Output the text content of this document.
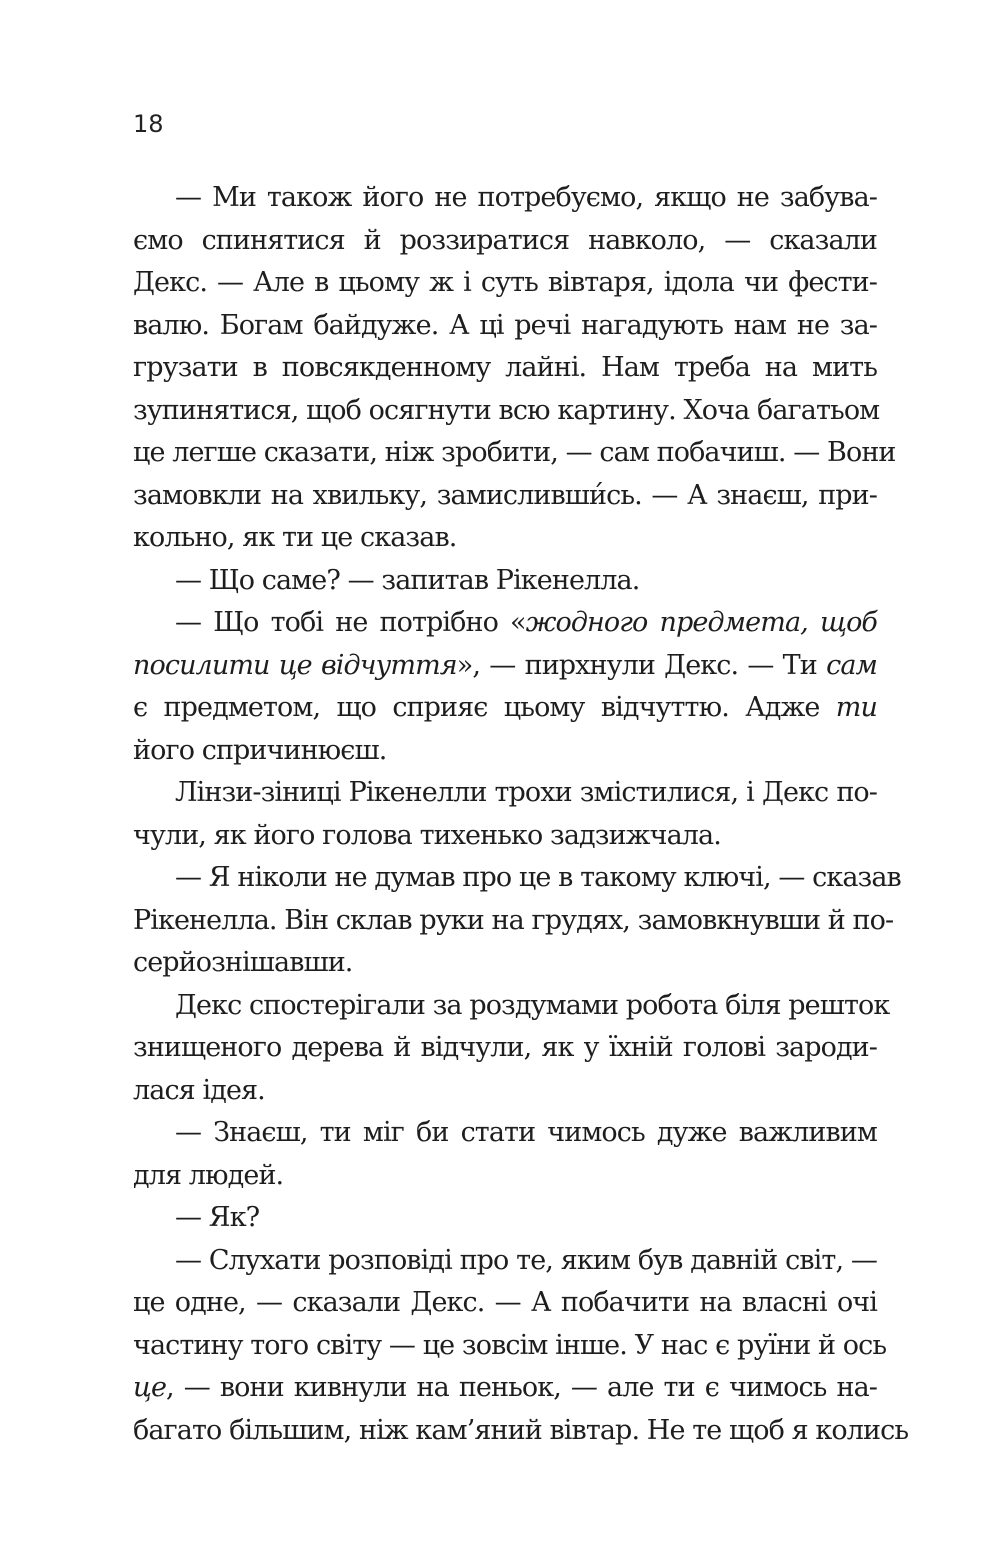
18
— Ми також його не потребуємо, якщо не забува-
ємо спинятися й роззиратися навколо, — сказали
Декс. — Але в цьому ж і суть вівтаря, ідола чи фести-
валю. Богам байдуже. А ці речі нагадують нам не за-
грузати в повсякденному лайні. Нам треба на мить
зупинятися, щоб осягнути всю картину. Хоча багатьом
це легше сказати, ніж зробити, — сам побачиш. — Вони
замовкли на хвильку, замисливши́сь. — А знаєш, при-
кольно, як ти це сказав.
— Що саме? — запитав Рікенелла.
— Що тобі не потрібно «жодного предмета, щоб
посилити це відчуття», — пирхнули Декс. — Ти сам
є предметом, що сприяє цьому відчуттю. Адже ти
його спричинюєш.
Лінзи-зіниці Рікенелли трохи змістилися, і Декс по-
чули, як його голова тихенько задзижчала.
— Я ніколи не думав про це в такому ключі, — сказав
Рікенелла. Він склав руки на грудях, замовкнувши й по-
серйознішавши.
Декс спостерігали за роздумами робота біля решток
знищеного дерева й відчули, як у їхній голові зароди-
лася ідея.
— Знаєш, ти міг би стати чимось дуже важливим
для людей.
— Як?
— Слухати розповіді про те, яким був давній світ, —
це одне, — сказали Декс. — А побачити на власні очі
частину того світу — це зовсім інше. У нас є руїни й ось
це, — вони кивнули на пеньок, — але ти є чимось на-
багато більшим, ніж кам’яний вівтар. Не те щоб я колись
